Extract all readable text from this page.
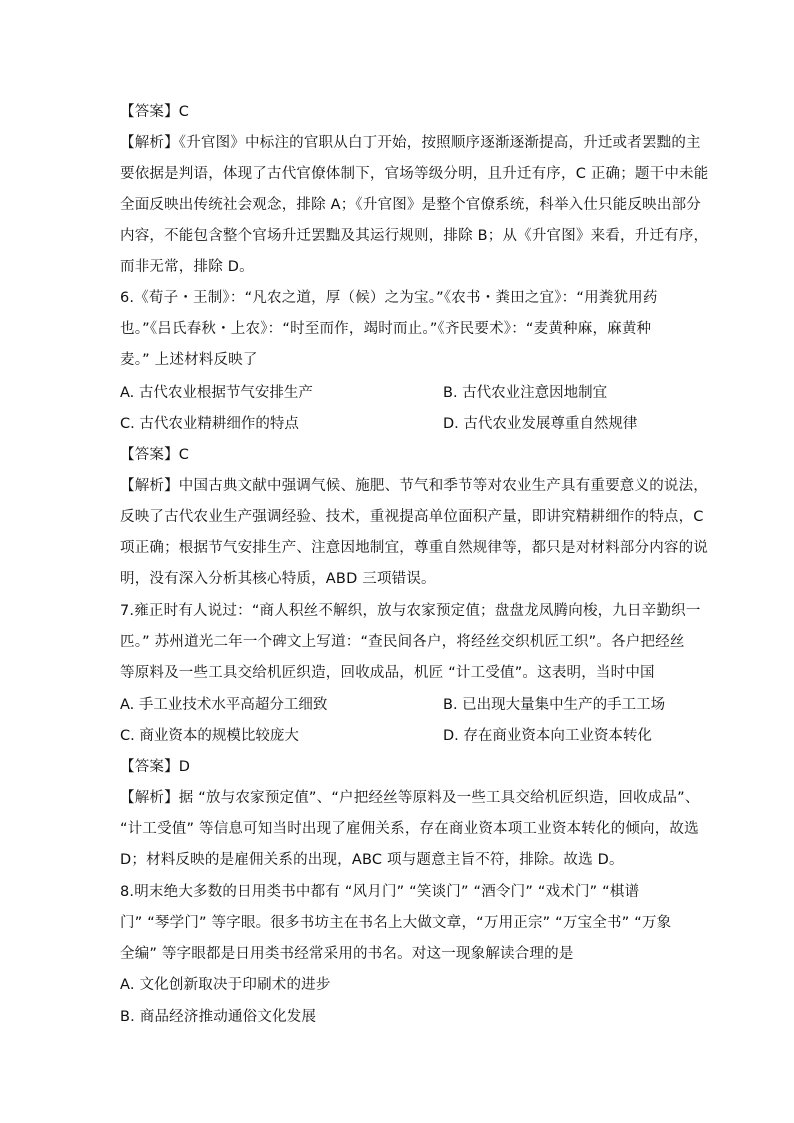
【答案】C
【解析】《升官图》中标注的官职从白丁开始，按照顺序逐渐逐渐提高，升迁或者罢黜的主
要依据是判语，体现了古代官僚体制下，官场等级分明，且升迁有序，C 正确；题干中未能
全面反映出传统社会观念，排除 A；《升官图》是整个官僚系统，科举入仕只能反映出部分
内容，不能包含整个官场升迁罢黜及其运行规则，排除 B；从《升官图》来看，升迁有序，
而非无常，排除 D。
6.《荀子・王制》：“凡农之道，厚（候）之为宝。”《农书・粪田之宜》：“用粪犹用药
也。”《吕氏春秋・上农》：“时至而作，竭时而止。”《齐民要术》：“麦黄种麻，麻黄种
麦。” 上述材料反映了
A. 古代农业根据节气安排生产	B. 古代农业注意因地制宜
C. 古代农业精耕细作的特点	D. 古代农业发展尊重自然规律
【答案】C
【解析】中国古典文献中强调气候、施肥、节气和季节等对农业生产具有重要意义的说法，
反映了古代农业生产强调经验、技术，重视提高单位面积产量，即讲究精耕细作的特点，C
项正确；根据节气安排生产、注意因地制宜，尊重自然规律等，都只是对材料部分内容的说
明，没有深入分析其核心特质，ABD 三项错误。
7.雍正时有人说过：“商人积丝不解织，放与农家预定值；盘盘龙凤腾向梭，九日辛勤织一
匹。” 苏州道光二年一个碑文上写道：“查民间各户，将经丝交织机匠工织”。各户把经丝
等原料及一些工具交给机匠织造，回收成品，机匠 “计工受值”。这表明，当时中国
A. 手工业技术水平高超分工细致	B. 已出现大量集中生产的手工工场
C. 商业资本的规模比较庞大	D. 存在商业资本向工业资本转化
【答案】D
【解析】据 “放与农家预定值”、“户把经丝等原料及一些工具交给机匠织造，回收成品”、
“计工受值” 等信息可知当时出现了雇佣关系，存在商业资本项工业资本转化的倾向，故选
D；材料反映的是雇佣关系的出现，ABC 项与题意主旨不符，排除。故选 D。
8.明末绝大多数的日用类书中都有 “风月门” “笑谈门” “酒令门” “戏术门” “棋谱
门” “琴学门” 等字眼。很多书坊主在书名上大做文章，“万用正宗” “万宝全书” “万象
全编” 等字眼都是日用类书经常采用的书名。对这一现象解读合理的是
A. 文化创新取决于印刷术的进步
B. 商品经济推动通俗文化发展
